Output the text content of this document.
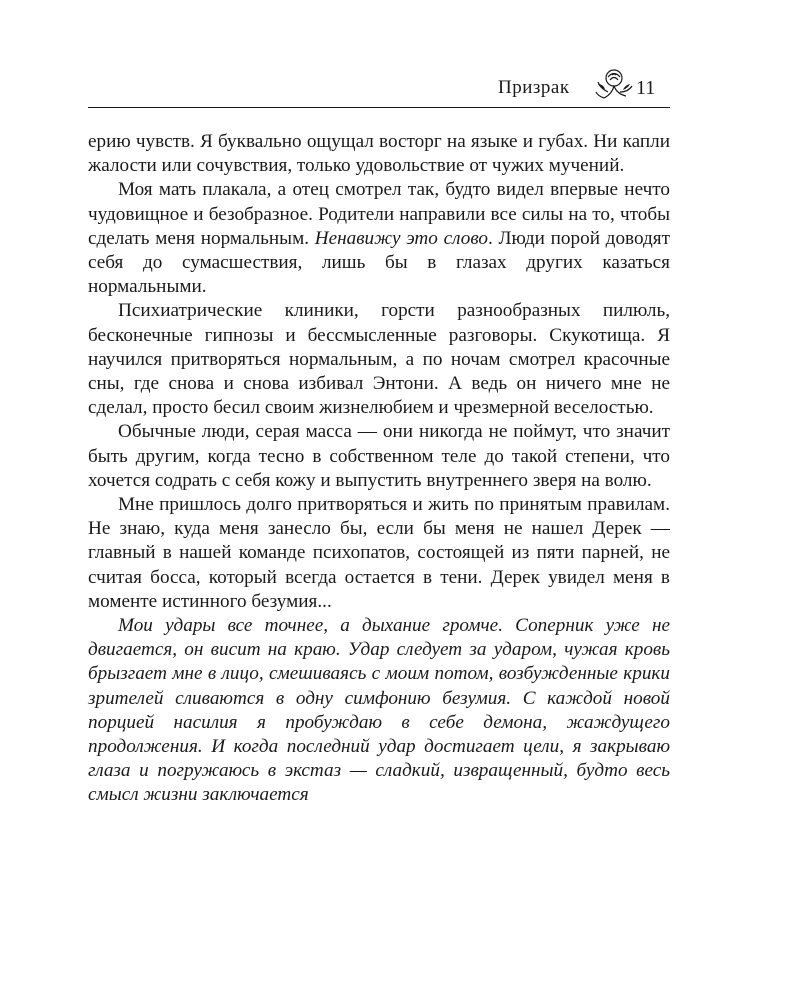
Призрак	11

ерию чувств. Я буквально ощущал восторг на языке и губах. Ни капли жалости или сочувствия, только удовольствие от чужих мучений.

Моя мать плакала, а отец смотрел так, будто видел впервые нечто чудовищное и безобразное. Родители направили все силы на то, чтобы сделать меня нормальным. Ненавижу это слово. Люди порой доводят себя до сумасшествия, лишь бы в глазах других казаться нормальными.

Психиатрические клиники, горсти разнообразных пилюль, бесконечные гипнозы и бессмысленные разговоры. Скукотища. Я научился притворяться нормальным, а по ночам смотрел красочные сны, где снова и снова избивал Энтони. А ведь он ничего мне не сделал, просто бесил своим жизнелюбием и чрезмерной веселостью.

Обычные люди, серая масса — они никогда не поймут, что значит быть другим, когда тесно в собственном теле до такой степени, что хочется содрать с себя кожу и выпустить внутреннего зверя на волю.

Мне пришлось долго притворяться и жить по принятым правилам. Не знаю, куда меня занесло бы, если бы меня не нашел Дерек — главный в нашей команде психопатов, состоящей из пяти парней, не считая босса, который всегда остается в тени. Дерек увидел меня в моменте истинного безумия...

Мои удары все точнее, а дыхание громче. Соперник уже не двигается, он висит на краю. Удар следует за ударом, чужая кровь брызгает мне в лицо, смешиваясь с моим потом, возбужденные крики зрителей сливаются в одну симфонию безумия. С каждой новой порцией насилия я пробуждаю в себе демона, жаждущего продолжения. И когда последний удар достигает цели, я закрываю глаза и погружаюсь в экстаз — сладкий, извращенный, будто весь смысл жизни заключается
